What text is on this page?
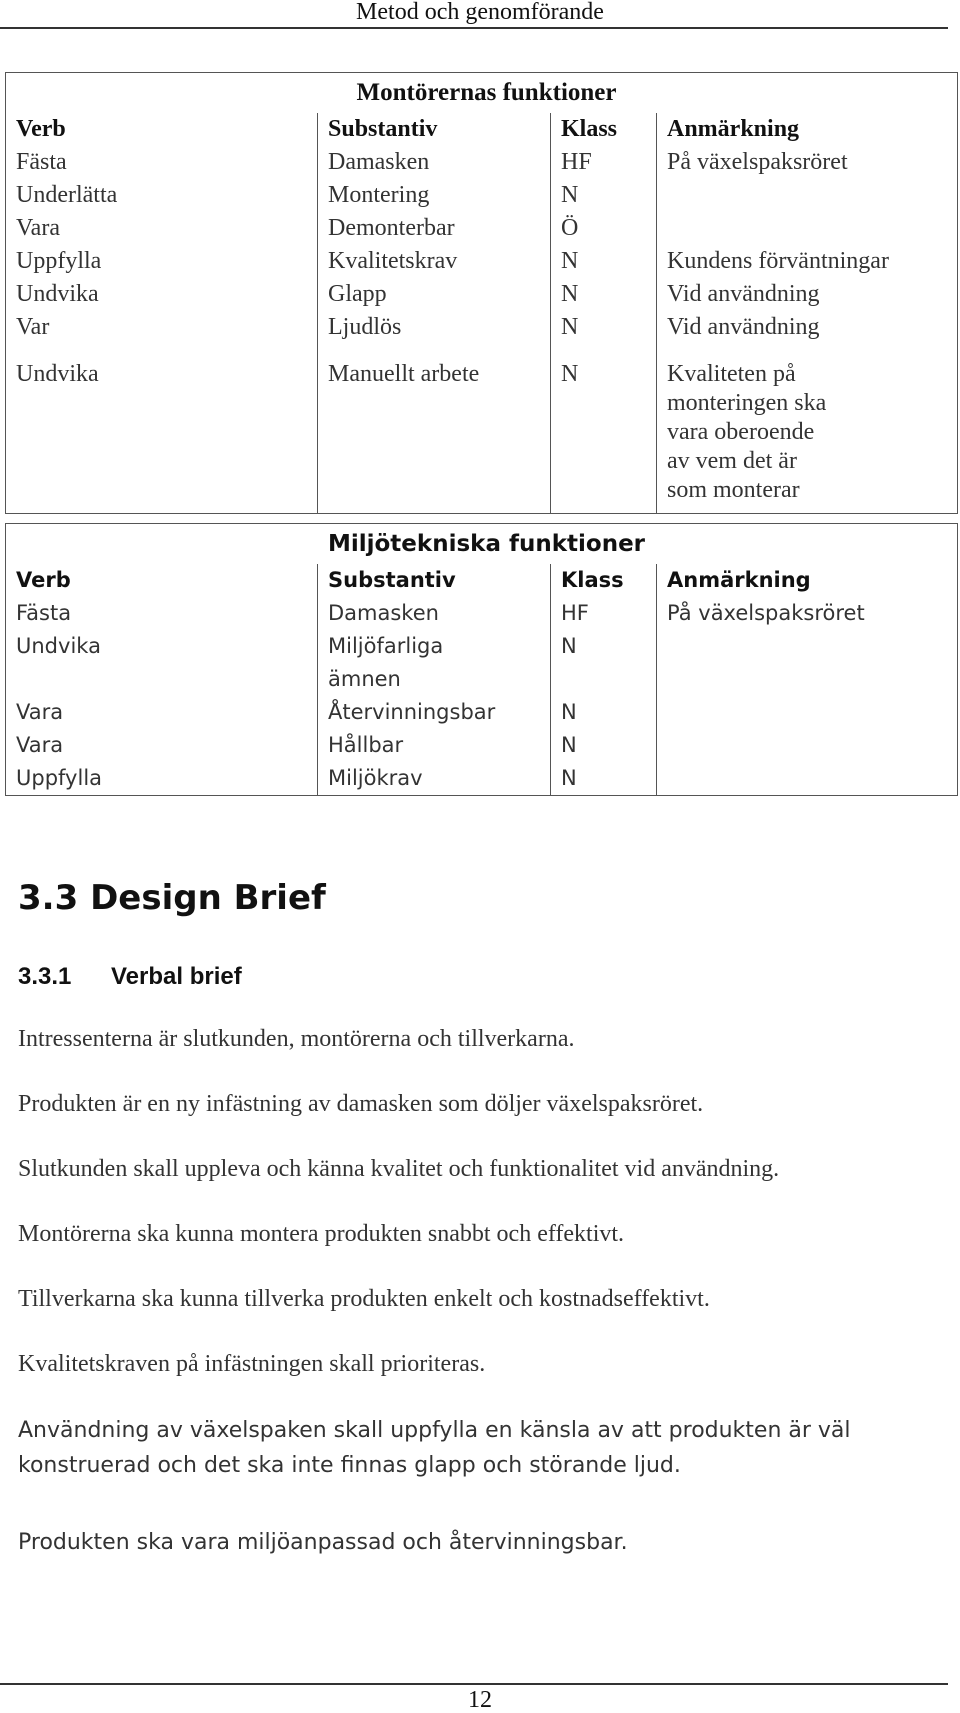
Metod och genomförande
Montörernas funktioner			
Verb	Substantiv	Klass	Anmärkning
Fästa	Damasken	HF	På växelspaksröret
Underlätta	Montering	N	
Vara	Demonterbar	Ö	
Uppfylla	Kvalitetskrav	N	Kundens förväntningar
Undvika	Glapp	N	Vid användning
Var	Ljudlös	N	Vid användning
Undvika	Manuellt arbete	N	Kvaliteten på monteringen ska vara oberoende av vem det är som monterar
Miljötekniska funktioner			
Verb	Substantiv	Klass	Anmärkning
Fästa	Damasken	HF	På växelspaksröret
Undvika	Miljöfarliga ämnen	N	
Vara	Återvinningsbar	N	
Vara	Hållbar	N	
Uppfylla	Miljökrav	N	
3.3 Design Brief
3.3.1 Verbal brief

Intressenterna är slutkunden, montörerna och tillverkarna.

Produkten är en ny infästning av damasken som döljer växelspaksröret.

Slutkunden skall uppleva och känna kvalitet och funktionalitet vid användning.

Montörerna ska kunna montera produkten snabbt och effektivt.

Tillverkarna ska kunna tillverka produkten enkelt och kostnadseffektivt.

Kvalitetskraven på infästningen skall prioriteras.

Användning av växelspaken skall uppfylla en känsla av att produkten är väl konstruerad och det ska inte finnas glapp och störande ljud.

Produkten ska vara miljöanpassad och återvinningsbar.

12
